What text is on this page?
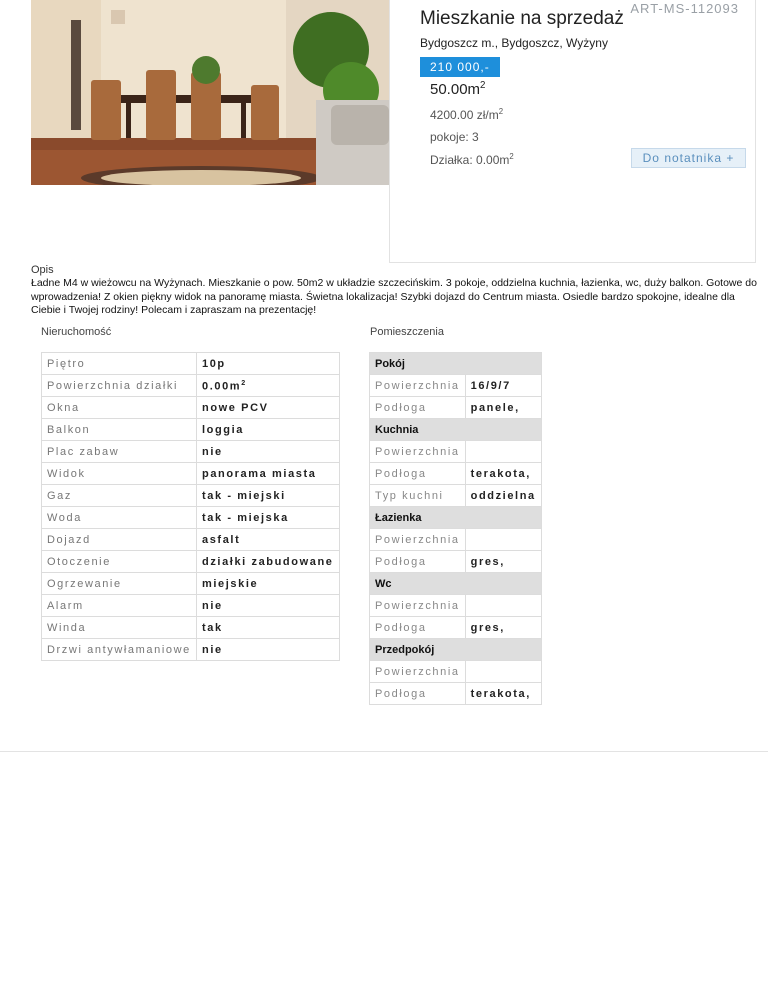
Mieszkanie na sprzedaż ART-MS-112093
Bydgoszcz m., Bydgoszcz, Wyżyny
210 000,-
$50.00m^2$
4200.00 $zł/m^2$
pokoje: 3
Działka: $0.00m^2$	Do notatnika +
Opis
Ładne M4 w wieżowcu na Wyżynach. Mieszkanie o pow. 50m2 w układzie szczecińskim. 3 pokoje, oddzielna kuchnia, łazienka, wc, duży balkon. Gotowe do wprowadzenia! Z okien piękny widok na panoramę miasta. Świetna lokalizacja! Szybki dojazd do Centrum miasta. Osiedle bardzo spokojne, idealne dla Ciebie i Twojej rodziny! Polecam i zapraszam na prezentację!
Nieruchomość	Pomieszczenia
Piętro	10p
Powierzchnia działki	$0.00m^2$
Okna	nowe PCV
Balkon	loggia
Plac zabaw	nie
Widok	panorama miasta
Gaz	tak - miejski
Woda	tak - miejska
Dojazd	asfalt
Otoczenie	działki zabudowane
Ogrzewanie	miejskie
Alarm	nie
Winda	tak
Drzwi antywłamaniowe	nie
Pokój	
Powierzchnia	16/9/7
Podłoga	panele,
Kuchnia	
Powierzchnia	
Podłoga	terakota,
Typ kuchni	oddzielna
Łazienka	
Powierzchnia	
Podłoga	gres,
Wc	
Powierzchnia	
Podłoga	gres,
Przedpokój	
Powierzchnia	
Podłoga	terakota,
